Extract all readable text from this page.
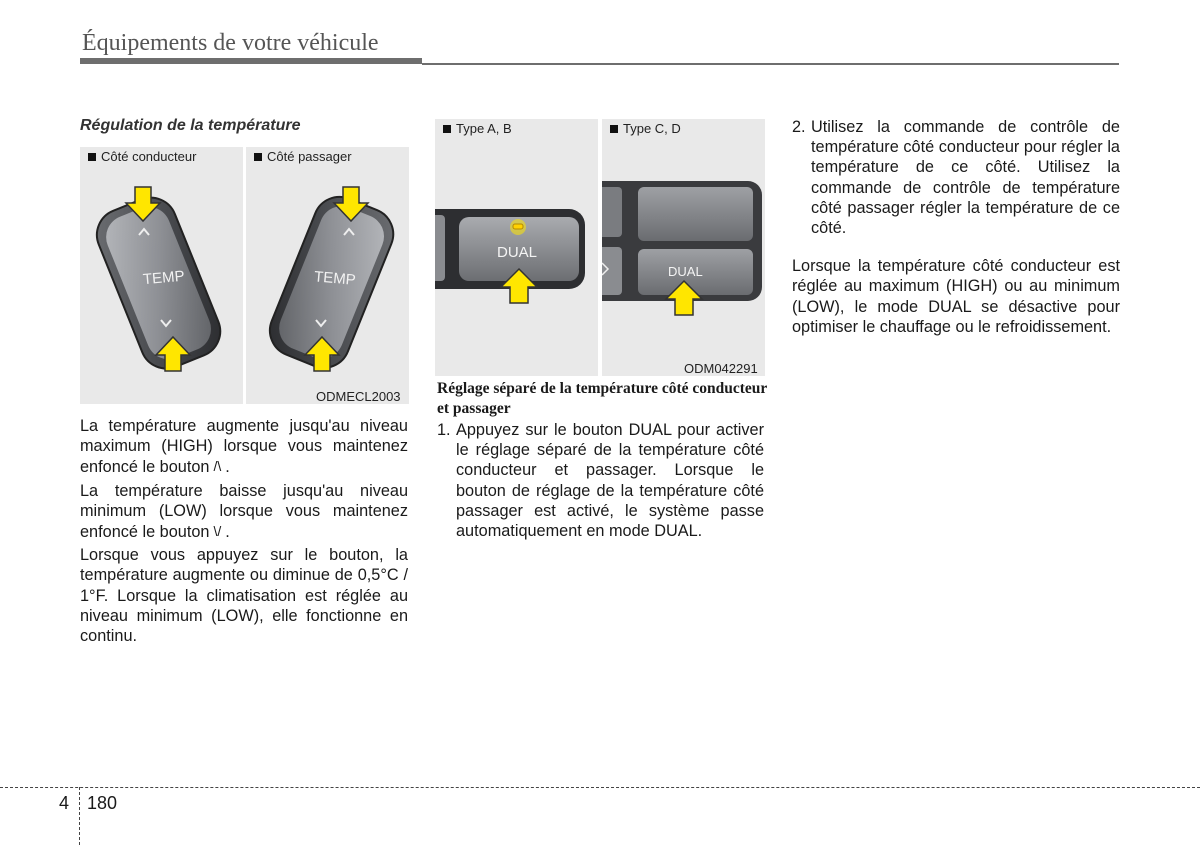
Équipements de votre véhicule
Régulation de la température
Côté conducteur
TEMP
Côté passager
TEMP
ODMECL2003
Type A, B
DUAL
Type C, D
DUAL
ODM042291

La température augmente jusqu'au niveau maximum (HIGH) lorsque vous maintenez enfoncé le bouton /\ .

La température baisse jusqu'au niveau minimum (LOW) lorsque vous maintenez enfoncé le bouton \/ .

Lorsque vous appuyez sur le bouton, la température augmente ou diminue de 0,5°C / 1°F. Lorsque la climatisation est réglée au niveau minimum (LOW), elle fonctionne en continu.

Réglage séparé de la température côté conducteur et passager
1. Appuyez sur le bouton DUAL pour activer le réglage séparé de la température côté conducteur et passager. Lorsque le bouton de réglage de la température côté passager est activé, le système passe automatiquement en mode DUAL.
2. Utilisez la commande de contrôle de température côté conducteur pour régler la température de ce côté. Utilisez la commande de contrôle de température côté passager régler la température de ce côté.

Lorsque la température côté conducteur est réglée au maximum (HIGH) ou au minimum (LOW), le mode DUAL se désactive pour optimiser le chauffage ou le refroidissement.

4 180
